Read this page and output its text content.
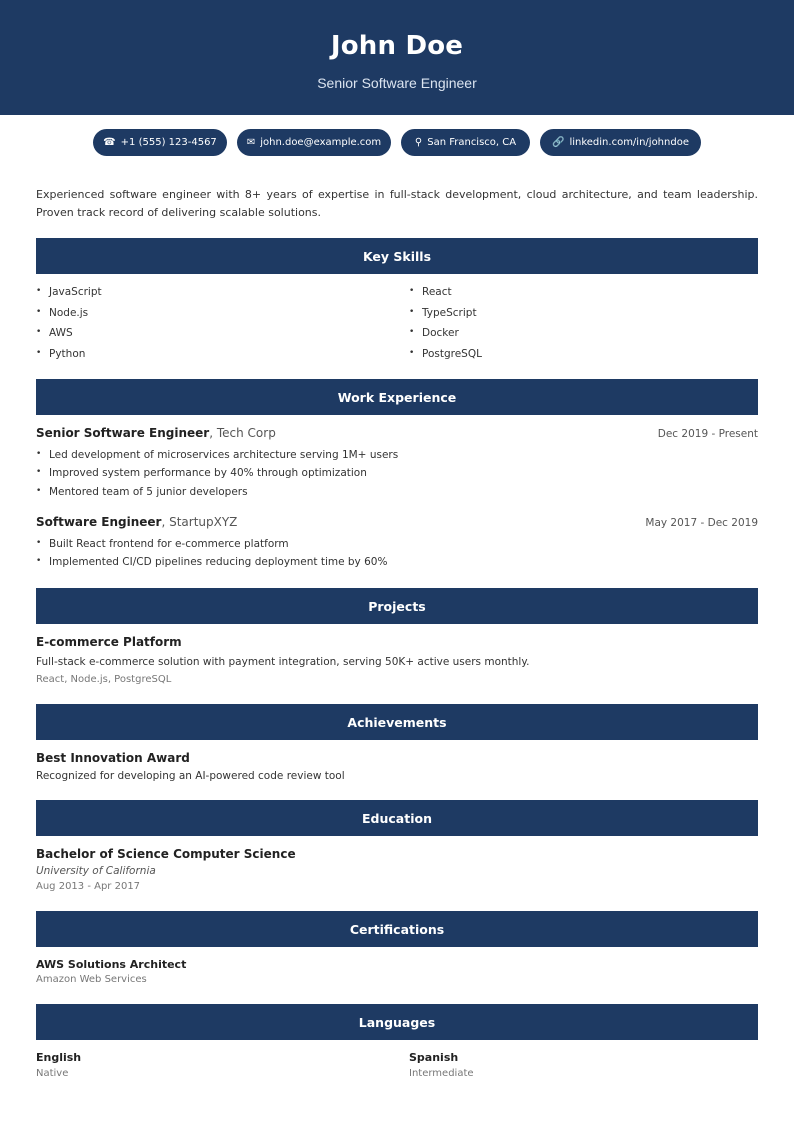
John Doe
Senior Software Engineer
☎ +1 (555) 123-4567	✉ john.doe@example.com	⚲ San Francisco, CA	🔗 linkedin.com/in/johndoe
Experienced software engineer with 8+ years of expertise in full-stack development, cloud architecture, and team leadership. Proven track record of delivering scalable solutions.
Key Skills
• JavaScript	• React
• Node.js	• TypeScript
• AWS	• Docker
• Python	• PostgreSQL
Work Experience
Senior Software Engineer, Tech Corp	Dec 2019 - Present
• Led development of microservices architecture serving 1M+ users
• Improved system performance by 40% through optimization
• Mentored team of 5 junior developers
Software Engineer, StartupXYZ	May 2017 - Dec 2019
• Built React frontend for e-commerce platform
• Implemented CI/CD pipelines reducing deployment time by 60%
Projects
E-commerce Platform
Full-stack e-commerce solution with payment integration, serving 50K+ active users monthly.
React, Node.js, PostgreSQL
Achievements
Best Innovation Award
Recognized for developing an AI-powered code review tool
Education
Bachelor of Science Computer Science
University of California
Aug 2013 - Apr 2017
Certifications
AWS Solutions Architect
Amazon Web Services
Languages
English
Native
Spanish
Intermediate
